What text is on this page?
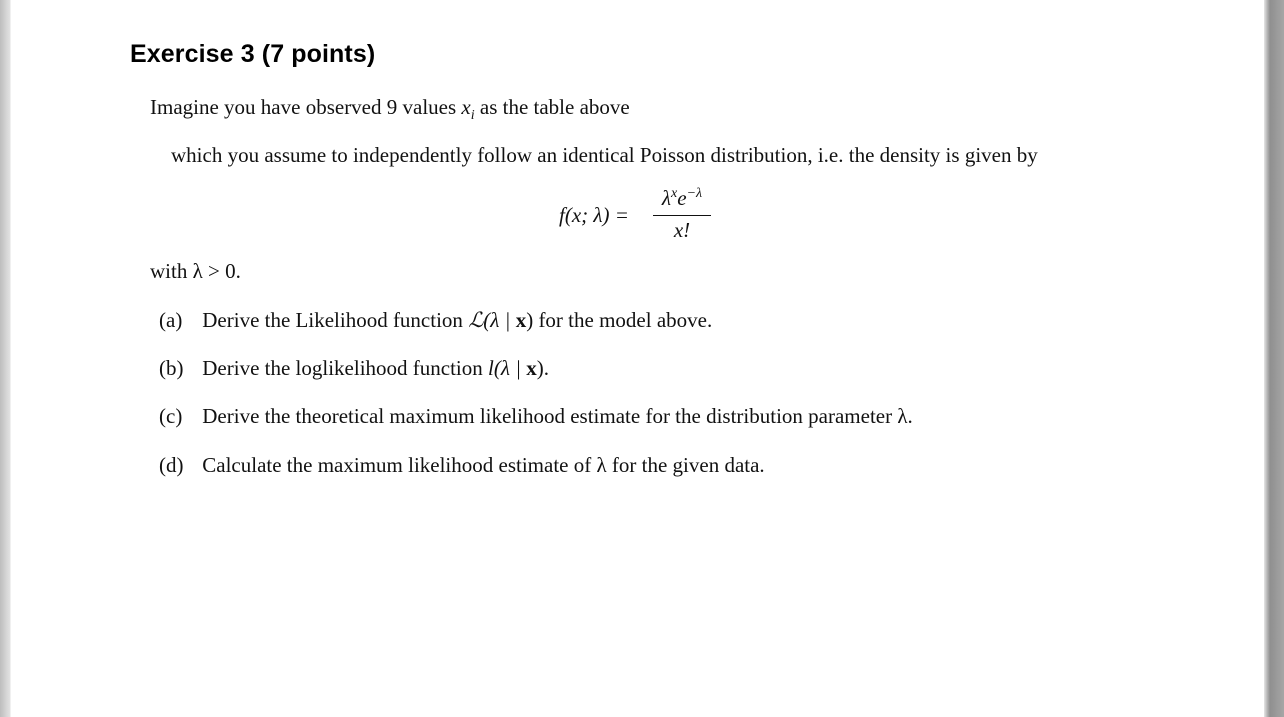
Exercise 3 (7 points)

Imagine you have observed 9 values $x_i$ as the table above

which you assume to independently follow an identical Poisson distribution, i.e. the density is given by

f(x; λ) =
$\lambda^xe^{-\lambda}$
x!

with λ > 0.

(a) Derive the Likelihood function ℒ(λ | x) for the model above.

(b) Derive the loglikelihood function l(λ | x).

(c) Derive the theoretical maximum likelihood estimate for the distribution parameter λ.

(d) Calculate the maximum likelihood estimate of λ for the given data.
